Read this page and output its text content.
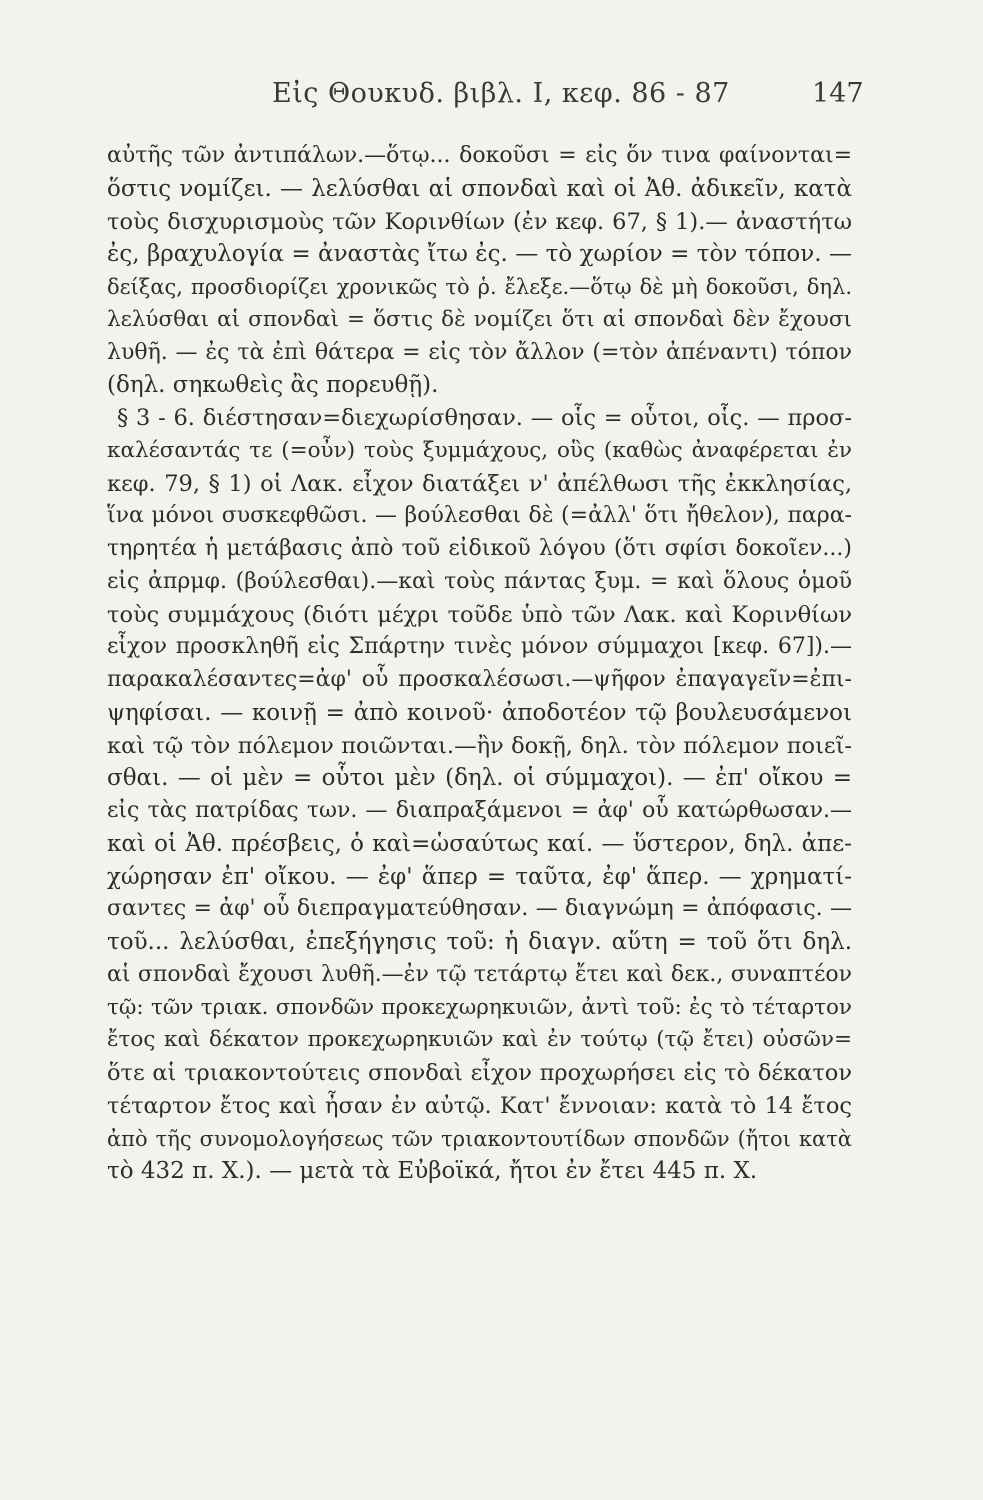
Εἰς Θουκυδ. βιβλ. Ι, κεφ. 86 - 87	147
αὐτῆς τῶν ἀντιπάλων.—ὅτῳ... δοκοῦσι = εἰς ὅν τινα φαίνονται=
ὅστις νομίζει. — λελύσθαι αἱ σπονδαὶ καὶ οἱ Ἀθ. ἀδικεῖν, κατὰ
τοὺς δισχυρισμοὺς τῶν Κορινθίων (ἐν κεφ. 67, § 1).— ἀναστήτω
ἐς, βραχυλογία = ἀναστὰς ἴτω ἐς. — τὸ χωρίον = τὸν τόπον. —
δείξας, προσδιορίζει χρονικῶς τὸ ῥ. ἔλεξε.—ὅτῳ δὲ μὴ δοκοῦσι, δηλ.
λελύσθαι αἱ σπονδαὶ = ὅστις δὲ νομίζει ὅτι αἱ σπονδαὶ δὲν ἔχουσι
λυθῆ. — ἐς τὰ ἐπὶ θάτερα = εἰς τὸν ἄλλον (=τὸν ἀπέναντι) τόπον
(δηλ. σηκωθεὶς ἂς πορευθῇ).
§ 3 - 6. διέστησαν=διεχωρίσθησαν. — οἷς = οὗτοι, οἷς. — προσ-
καλέσαντάς τε (=οὖν) τοὺς ξυμμάχους, οὓς (καθὼς ἀναφέρεται ἐν
κεφ. 79, § 1) οἱ Λακ. εἶχον διατάξει ν' ἀπέλθωσι τῆς ἐκκλησίας,
ἵνα μόνοι συσκεφθῶσι. — βούλεσθαι δὲ (=ἀλλ' ὅτι ἤθελον), παρα-
τηρητέα ἡ μετάβασις ἀπὸ τοῦ εἰδικοῦ λόγου (ὅτι σφίσι δοκοῖεν...)
εἰς ἀπρμφ. (βούλεσθαι).—καὶ τοὺς πάντας ξυμ. = καὶ ὅλους ὁμοῦ
τοὺς συμμάχους (διότι μέχρι τοῦδε ὑπὸ τῶν Λακ. καὶ Κορινθίων
εἶχον προσκληθῆ εἰς Σπάρτην τινὲς μόνον σύμμαχοι [κεφ. 67]).—
παρακαλέσαντες=ἀφ' οὗ προσκαλέσωσι.—ψῆφον ἐπαγαγεῖν=ἐπι-
ψηφίσαι. — κοινῇ = ἀπὸ κοινοῦ· ἀποδοτέον τῷ βουλευσάμενοι
καὶ τῷ τὸν πόλεμον ποιῶνται.—ἢν δοκῇ, δηλ. τὸν πόλεμον ποιεῖ-
σθαι. — οἱ μὲν = οὗτοι μὲν (δηλ. οἱ σύμμαχοι). — ἐπ' οἴκου =
εἰς τὰς πατρίδας των. — διαπραξάμενοι = ἀφ' οὗ κατώρθωσαν.—
καὶ οἱ Ἀθ. πρέσβεις, ὁ καὶ=ὡσαύτως καί. — ὕστερον, δηλ. ἀπε-
χώρησαν ἐπ' οἴκου. — ἐφ' ἅπερ = ταῦτα, ἐφ' ἅπερ. — χρηματί-
σαντες = ἀφ' οὗ διεπραγματεύθησαν. — διαγνώμη = ἀπόφασις. —
τοῦ... λελύσθαι, ἐπεξήγησις τοῦ: ἡ διαγν. αὕτη = τοῦ ὅτι δηλ.
αἱ σπονδαὶ ἔχουσι λυθῆ.—ἐν τῷ τετάρτῳ ἔτει καὶ δεκ., συναπτέον
τῷ: τῶν τριακ. σπονδῶν προκεχωρηκυιῶν, ἀντὶ τοῦ: ἐς τὸ τέταρτον
ἔτος καὶ δέκατον προκεχωρηκυιῶν καὶ ἐν τούτῳ (τῷ ἔτει) οὐσῶν=
ὅτε αἱ τριακοντούτεις σπονδαὶ εἶχον προχωρήσει εἰς τὸ δέκατον
τέταρτον ἔτος καὶ ἦσαν ἐν αὐτῷ. Κατ' ἔννοιαν: κατὰ τὸ 14 ἔτος
ἀπὸ τῆς συνομολογήσεως τῶν τριακοντουτίδων σπονδῶν (ἤτοι κατὰ
τὸ 432 π. Χ.). — μετὰ τὰ Εὐβοϊκά, ἤτοι ἐν ἔτει 445 π. Χ.
